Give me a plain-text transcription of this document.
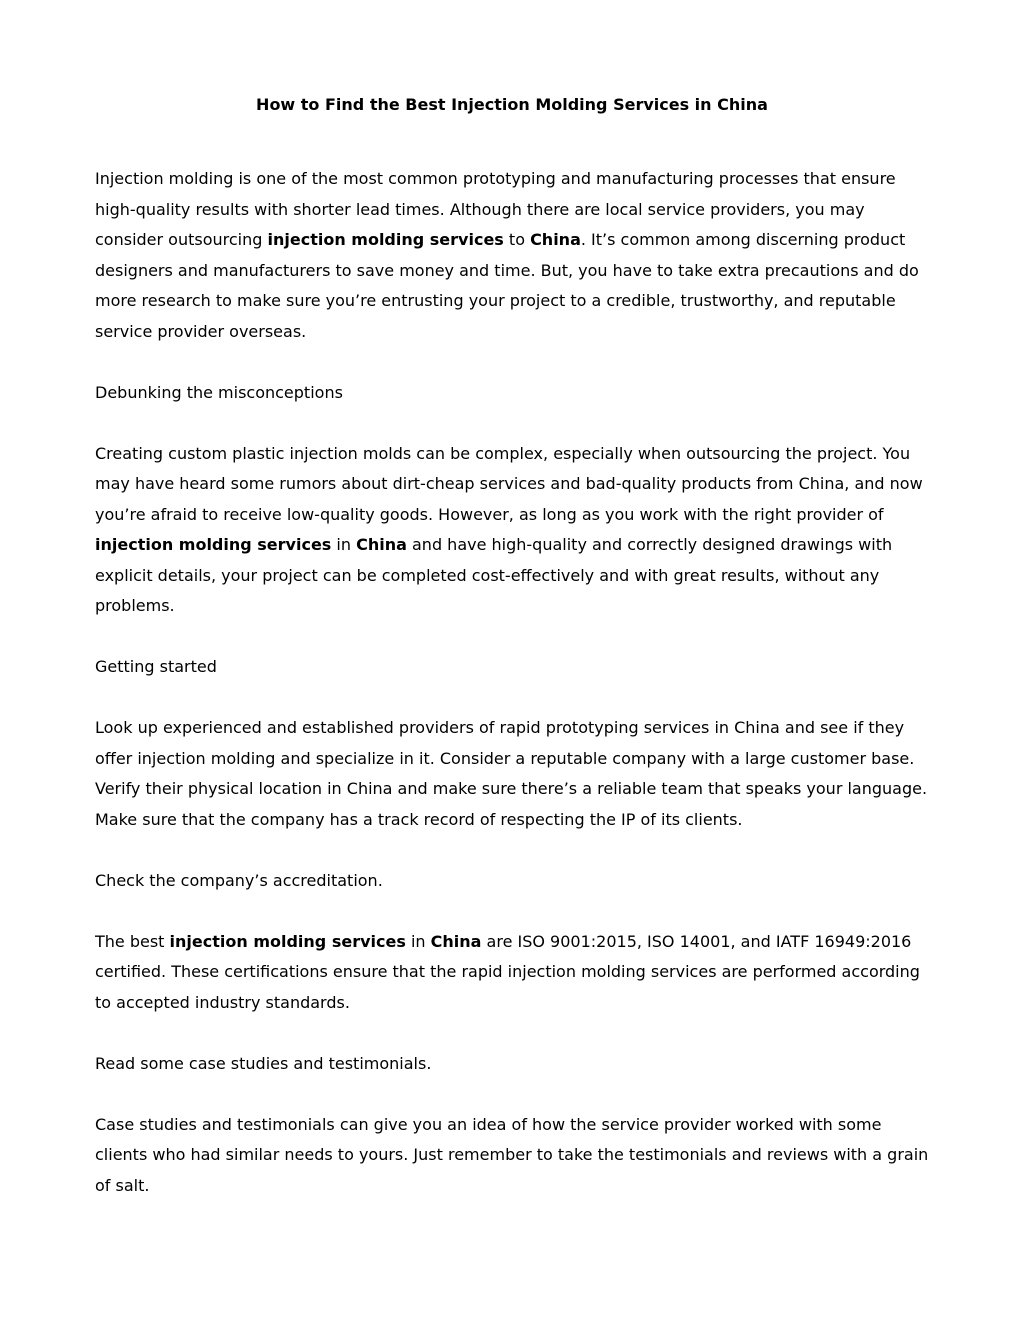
How to Find the Best Injection Molding Services in China

Injection molding is one of the most common prototyping and manufacturing processes that ensure high-quality results with shorter lead times. Although there are local service providers, you may consider outsourcing injection molding services to China. It’s common among discerning product designers and manufacturers to save money and time. But, you have to take extra precautions and do more research to make sure you’re entrusting your project to a credible, trustworthy, and reputable service provider overseas.

Debunking the misconceptions

Creating custom plastic injection molds can be complex, especially when outsourcing the project. You may have heard some rumors about dirt-cheap services and bad-quality products from China, and now you’re afraid to receive low-quality goods. However, as long as you work with the right provider of injection molding services in China and have high-quality and correctly designed drawings with explicit details, your project can be completed cost-effectively and with great results, without any problems.

Getting started

Look up experienced and established providers of rapid prototyping services in China and see if they offer injection molding and specialize in it. Consider a reputable company with a large customer base. Verify their physical location in China and make sure there’s a reliable team that speaks your language. Make sure that the company has a track record of respecting the IP of its clients.

Check the company’s accreditation.

The best injection molding services in China are ISO 9001:2015, ISO 14001, and IATF 16949:2016 certified. These certifications ensure that the rapid injection molding services are performed according to accepted industry standards.

Read some case studies and testimonials.

Case studies and testimonials can give you an idea of how the service provider worked with some clients who had similar needs to yours. Just remember to take the testimonials and reviews with a grain of salt.
